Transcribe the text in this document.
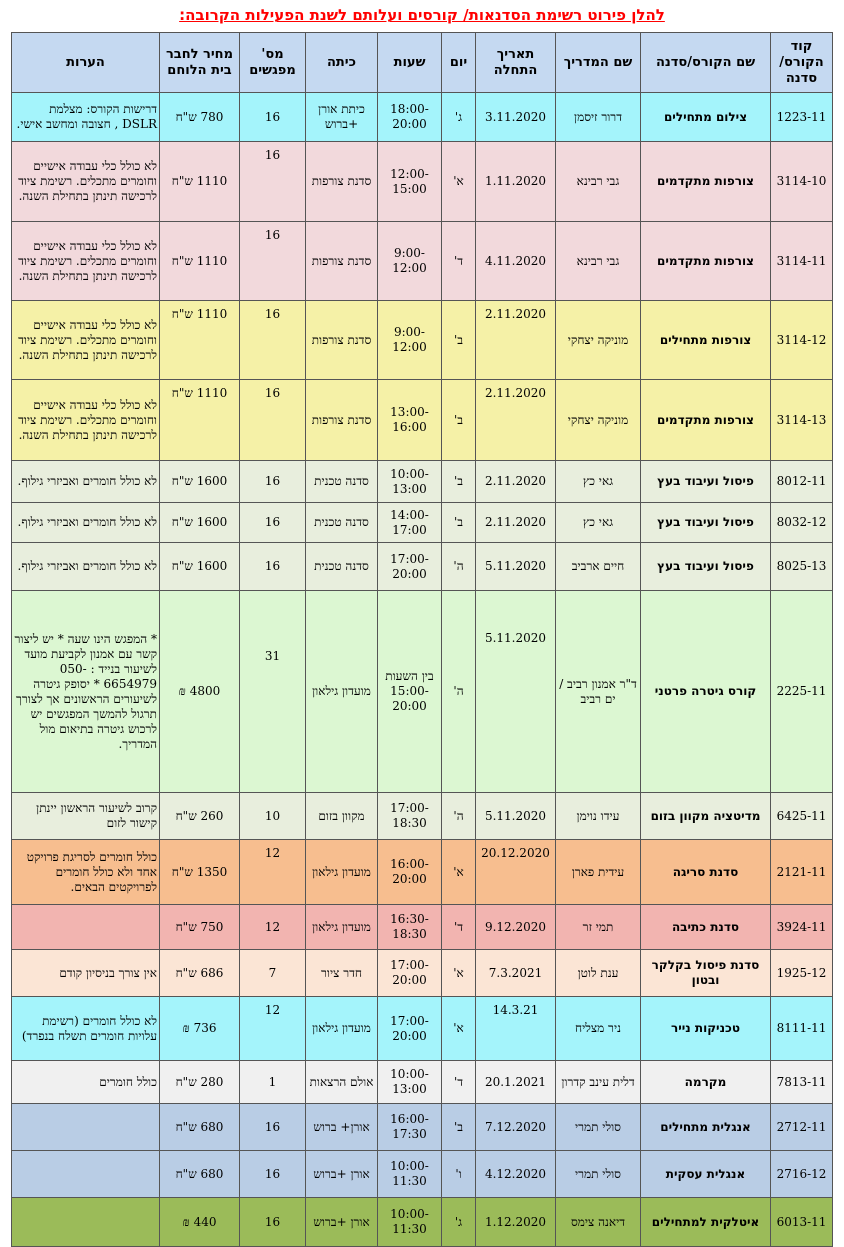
להלן פירוט רשימת הסדנאות/ קורסים ועלותם לשנת הפעילות הקרובה:
קוד הקורס/ סדנה	שם הקורס/סדנה	שם המדריך	תאריך התחלה	יום	שעות	כיתה	מס' מפגשים	מחיר לחבר בית הלוחם	הערות
1223-11	צילום מתחילים	דרור זיסמן	3.11.2020	ג'	18:00-20:00	כיתת אורן +ברוש	16	780 ש"ח	דרישות הקורס: מצלמת DSLR , חצובה ומחשב אישי.
3114-10	צורפות מתקדמים	גבי רבינא	1.11.2020	א'	12:00-15:00	סדנת צורפות	16	1110 ש"ח	לא כולל כלי עבודה אישיים וחומרים מתכלים. רשימת ציוד לרכישה תינתן בתחילת השנה.
3114-11	צורפות מתקדמים	גבי רבינא	4.11.2020	ד'	9:00-12:00	סדנת צורפות	16	1110 ש"ח	לא כולל כלי עבודה אישיים וחומרים מתכלים. רשימת ציוד לרכישה תינתן בתחילת השנה.
3114-12	צורפות מתחילים	מוניקה יצחקי	2.11.2020	ב'	9:00-12:00	סדנת צורפות	16	1110 ש"ח	לא כולל כלי עבודה אישיים וחומרים מתכלים. רשימת ציוד לרכישה תינתן בתחילת השנה.
3114-13	צורפות מתקדמים	מוניקה יצחקי	2.11.2020	ב'	13:00-16:00	סדנת צורפות	16	1110 ש"ח	לא כולל כלי עבודה אישיים וחומרים מתכלים. רשימת ציוד לרכישה תינתן בתחילת השנה.
8012-11	פיסול ועיבוד בעץ	גאי כץ	2.11.2020	ב'	10:00-13:00	סדנה טכנית	16	1600 ש"ח	לא כולל חומרים ואביזרי גילוף.
8032-12	פיסול ועיבוד בעץ	גאי כץ	2.11.2020	ב'	14:00-17:00	סדנה טכנית	16	1600 ש"ח	לא כולל חומרים ואביזרי גילוף.
8025-13	פיסול ועיבוד בעץ	חיים ארביב	5.11.2020	ה'	17:00-20:00	סדנה טכנית	16	1600 ש"ח	לא כולל חומרים ואביזרי גילוף.
2225-11	קורס גיטרה פרטני	ד"ר אמנון רביב / ים רביב	5.11.2020	ה'	בין השעות 15:00-20:00	מועדון גילאון	31	4800 ₪	* המפגש הינו שעה * יש ליצור קשר עם אמנון לקביעת מועד לשיעור בנייד : 050-6654979 * יסופק גיטרה לשיעורים הראשונים אך לצורך תרגול להמשך המפגשים יש לרכוש גיטרה בתיאום מול המדריך.
6425-11	מדיטציה מקוון בזום	עידו נוימן	5.11.2020	ה'	17:00-18:30	מקוון בזום	10	260 ש"ח	קרוב לשיעור הראשון יינתן קישור לזום
2121-11	סדנת סריגה	עידית פארן	20.12.2020	א'	16:00-20:00	מועדון גילאון	12	1350 ש"ח	כולל חומרים לסריגת פרויקט אחד ולא כולל חומרים לפרויקטים הבאים.
3924-11	סדנת כתיבה	תמי זר	9.12.2020	ד'	16:30-18:30	מועדון גילאון	12	750 ש"ח	
1925-12	סדנת פיסול בקלקר ובטון	ענת לוטן	7.3.2021	א'	17:00-20:00	חדר ציור	7	686 ש"ח	אין צורך בניסיון קודם
8111-11	טכניקות נייר	ניר מצליח	14.3.21	א'	17:00-20:00	מועדון גילאון	12	736 ₪	לא כולל חומרים (רשימת עלויות חומרים תשלח בנפרד)
7813-11	מקרמה	דלית עינב קדרון	20.1.2021	ד'	10:00-13:00	אולם הרצאות	1	280 ש"ח	כולל חומרים
2712-11	אנגלית מתחילים	סולי תמרי	7.12.2020	ב'	16:00-17:30	אורן+ ברוש	16	680 ש"ח	
2716-12	אנגלית עסקית	סולי תמרי	4.12.2020	ו'	10:00-11:30	אורן +ברוש	16	680 ש"ח	
6013-11	איטלקית למתחילים	דיאנה צימס	1.12.2020	ג'	10:00-11:30	אורן +ברוש	16	440 ₪	
